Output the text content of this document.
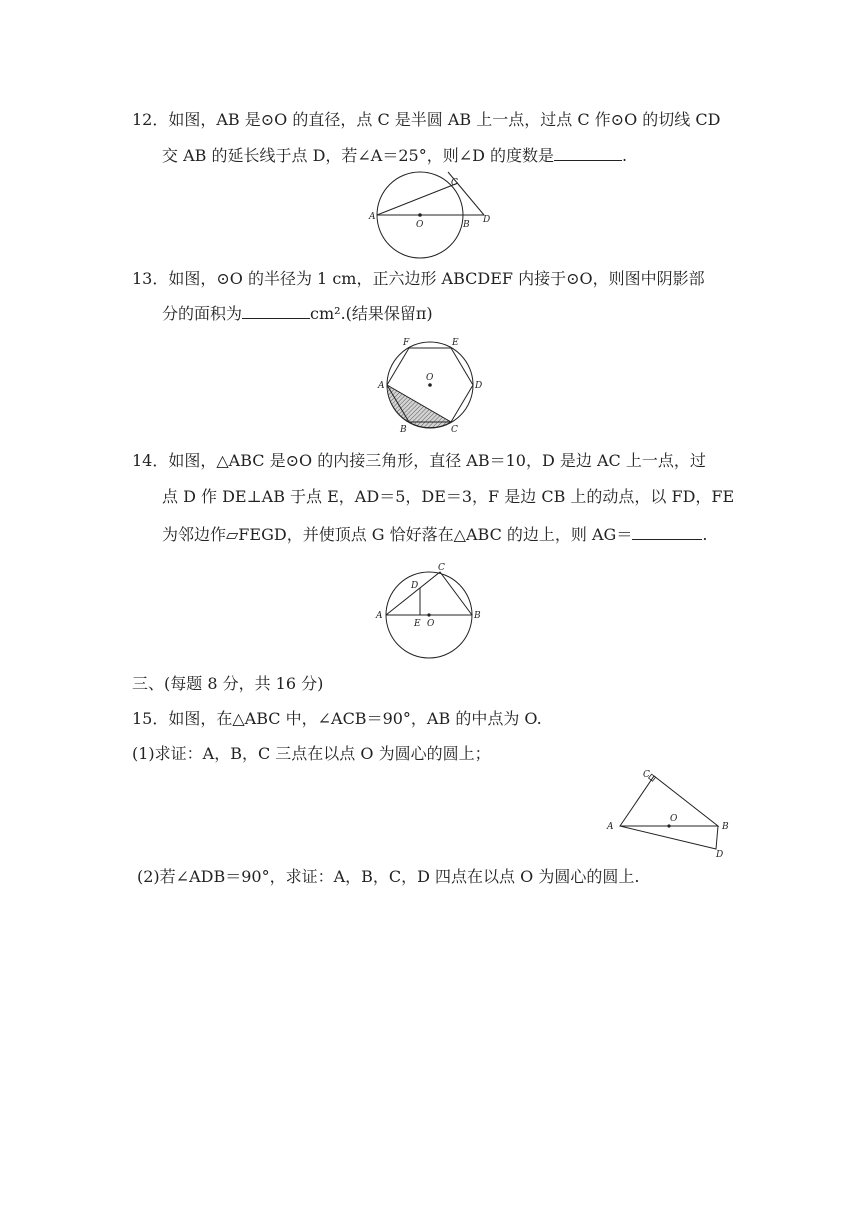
12．如图，AB 是⊙O 的直径，点 C 是半圆 AB 上一点，过点 C 作⊙O 的切线 CD
交 AB 的延长线于点 D，若∠A＝25°，则∠D 的度数是	.
A
O	B
C
D
13．如图，⊙O 的半径为 1 cm，正六边形 ABCDEF 内接于⊙O，则图中阴影部
分的面积为	cm².(结果保留π)
F	E
A
O
D
B	C
14．如图，△ABC 是⊙O 的内接三角形，直径 AB＝10，D 是边 AC 上一点，过
点 D 作 DE⊥AB 于点 E，AD＝5，DE＝3，F 是边 CB 上的动点，以 FD，FE
为邻边作▱FEGD，并使顶点 G 恰好落在△ABC 的边上，则 AG＝	.
C
D
A	B
E O
三、(每题 8 分，共 16 分)
15．如图，在△ABC 中，∠ACB＝90°，AB 的中点为 O.
(1)求证：A，B，C 三点在以点 O 为圆心的圆上；
C
A
O
B
D
(2)若∠ADB＝90°，求证：A，B，C，D 四点在以点 O 为圆心的圆上.
